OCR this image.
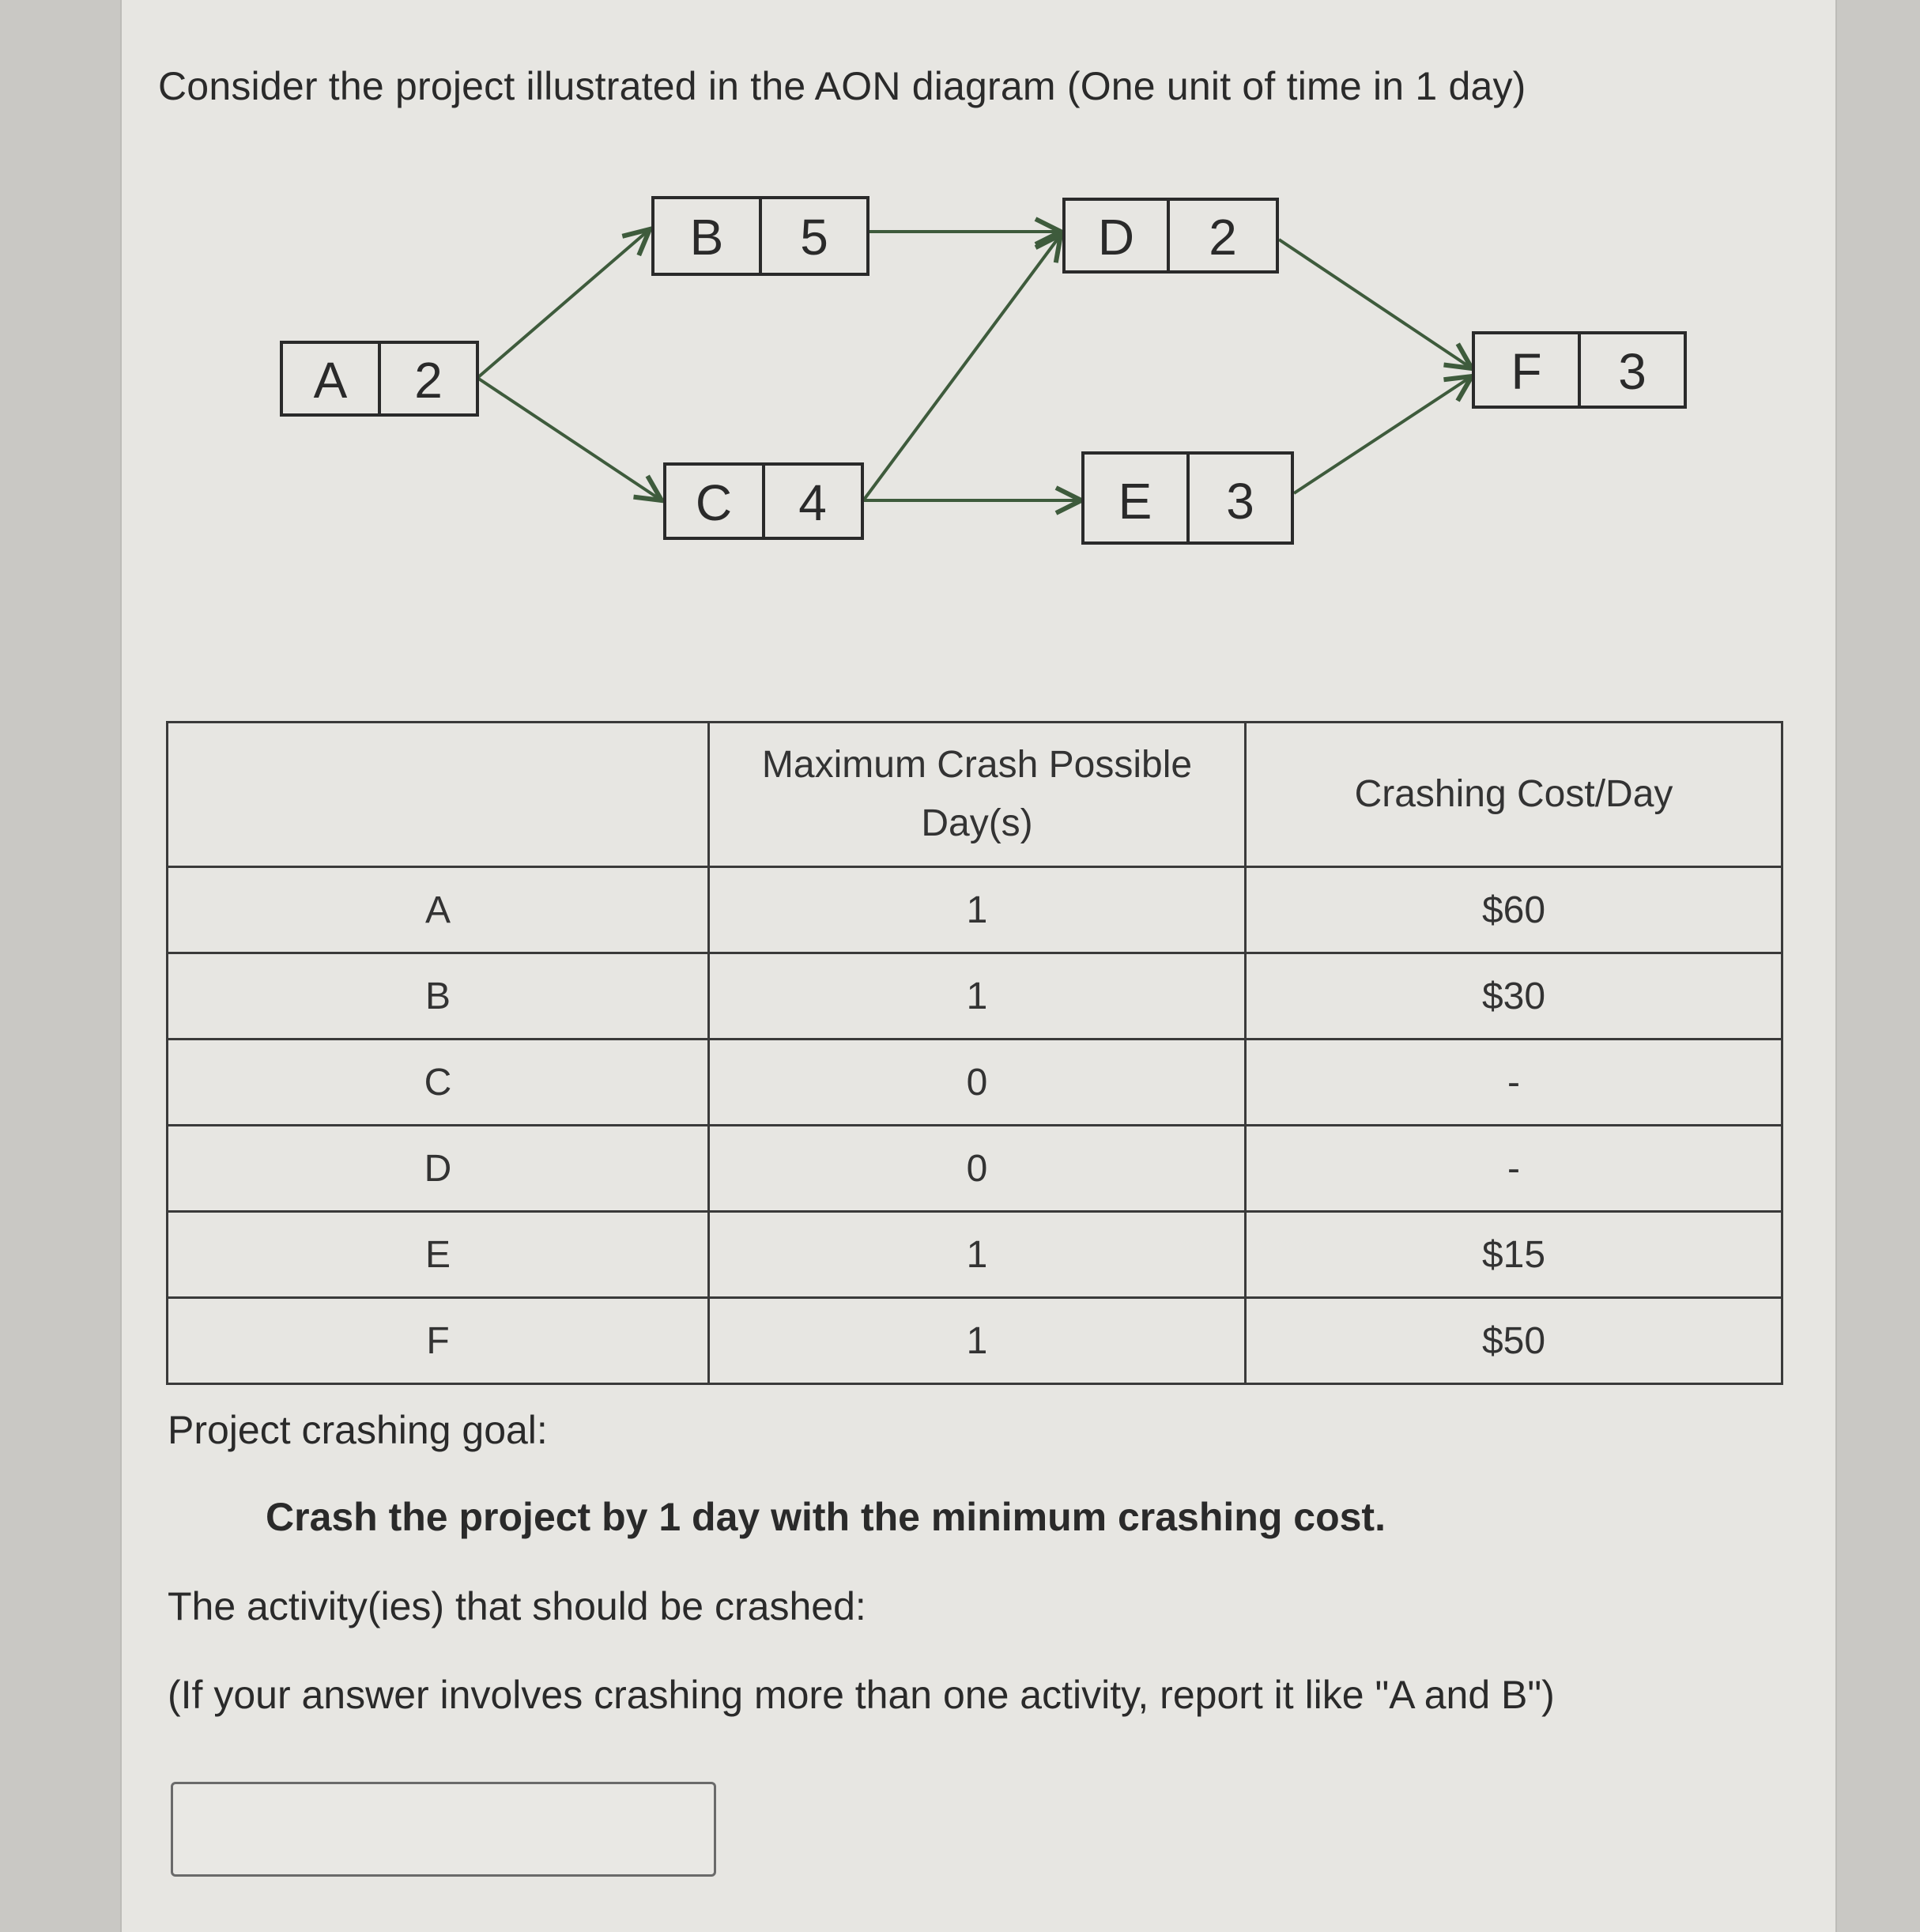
Consider the project illustrated in the AON diagram (One unit of time in 1 day)
A 2
B 5
C 4
D 2
E 3
F 3
	Maximum Crash Possible Day(s)	Crashing Cost/Day
A	1	$60
B	1	$30
C	0	-
D	0	-
E	1	$15
F	1	$50
Project crashing goal:
Crash the project by 1 day with the minimum crashing cost.
The activity(ies) that should be crashed:
(If your answer involves crashing more than one activity, report it like "A and B")
